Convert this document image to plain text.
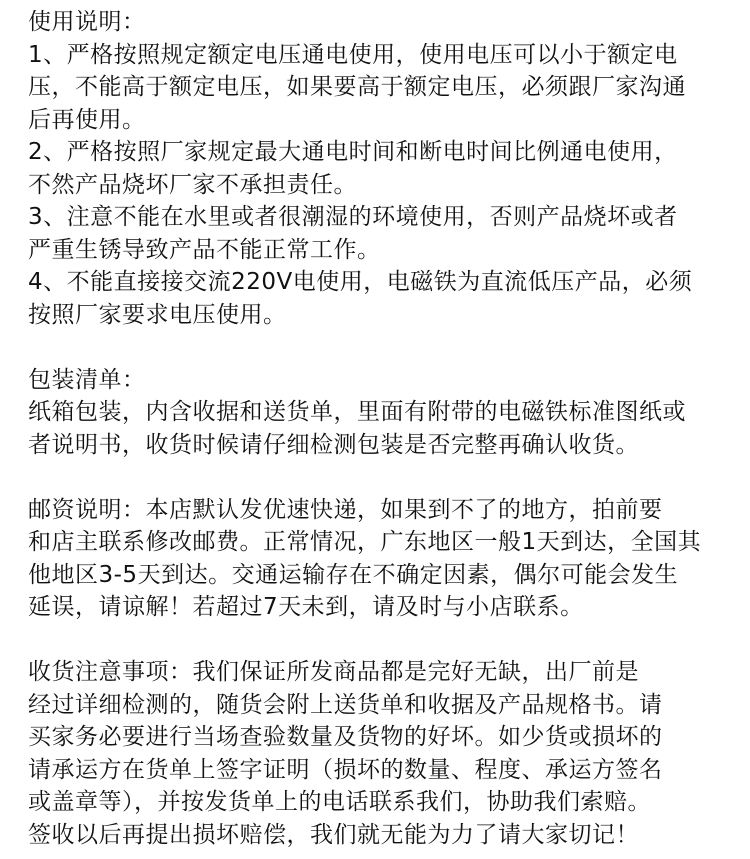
使用说明：
1、严格按照规定额定电压通电使用，使用电压可以小于额定电
压，不能高于额定电压，如果要高于额定电压，必须跟厂家沟通
后再使用。
2、严格按照厂家规定最大通电时间和断电时间比例通电使用，
不然产品烧坏厂家不承担责任。
3、注意不能在水里或者很潮湿的环境使用，否则产品烧坏或者
严重生锈导致产品不能正常工作。
4、不能直接接交流220V电使用，电磁铁为直流低压产品，必须
按照厂家要求电压使用。
包装清单：
纸箱包装，内含收据和送货单，里面有附带的电磁铁标准图纸或
者说明书，收货时候请仔细检测包装是否完整再确认收货。
邮资说明：本店默认发优速快递，如果到不了的地方，拍前要
和店主联系修改邮费。正常情况，广东地区一般1天到达，全国其
他地区3-5天到达。交通运输存在不确定因素，偶尔可能会发生
延误，请谅解！若超过7天未到，请及时与小店联系。
收货注意事项：我们保证所发商品都是完好无缺，出厂前是
经过详细检测的，随货会附上送货单和收据及产品规格书。请
买家务必要进行当场查验数量及货物的好坏。如少货或损坏的
请承运方在货单上签字证明（损坏的数量、程度、承运方签名
或盖章等），并按发货单上的电话联系我们，协助我们索赔。
签收以后再提出损坏赔偿，我们就无能为力了请大家切记！
